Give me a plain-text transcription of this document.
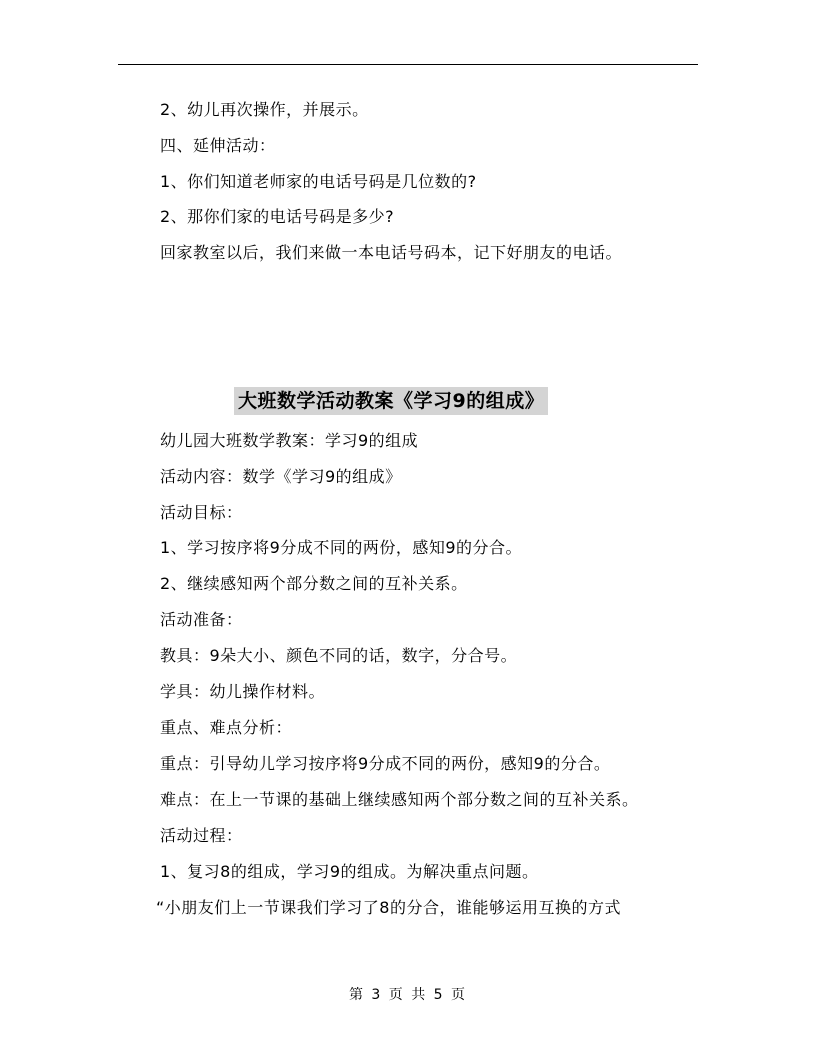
2、幼儿再次操作，并展示。
四、延伸活动：
1、你们知道老师家的电话号码是几位数的?
2、那你们家的电话号码是多少?
回家教室以后，我们来做一本电话号码本，记下好朋友的电话。
大班数学活动教案《学习9的组成》
幼儿园大班数学教案：学习9的组成
活动内容：数学《学习9的组成》
活动目标：
1、学习按序将9分成不同的两份，感知9的分合。
2、继续感知两个部分数之间的互补关系。
活动准备：
教具：9朵大小、颜色不同的话，数字，分合号。
学具：幼儿操作材料。
重点、难点分析：
重点：引导幼儿学习按序将9分成不同的两份，感知9的分合。
难点：在上一节课的基础上继续感知两个部分数之间的互补关系。
活动过程：
1、复习8的组成，学习9的组成。为解决重点问题。
“小朋友们上一节课我们学习了8的分合，谁能够运用互换的方式
第 3 页 共 5 页
